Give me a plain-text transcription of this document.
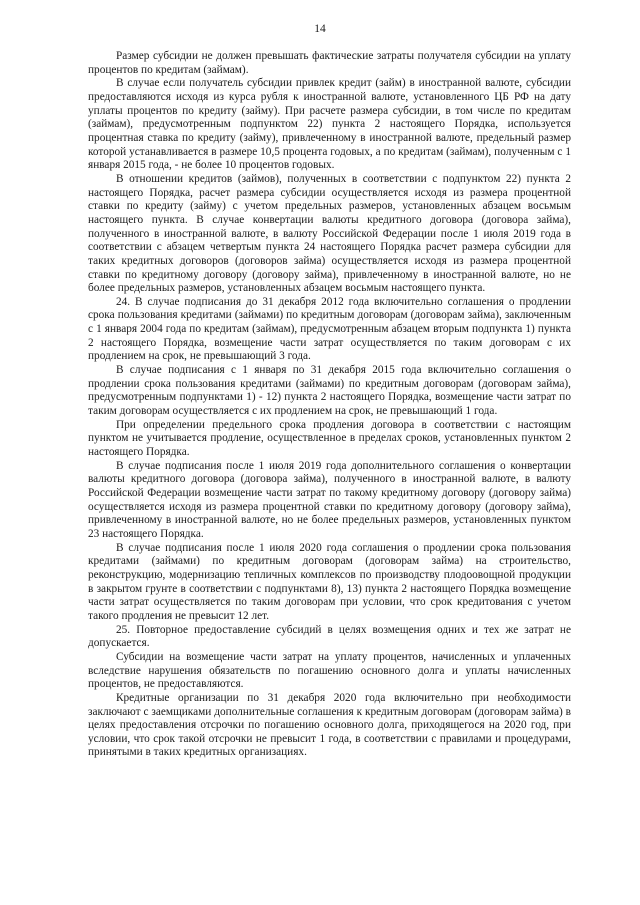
14

Размер субсидии не должен превышать фактические затраты получателя субсидии на уплату процентов по кредитам (займам).

В случае если получатель субсидии привлек кредит (займ) в иностранной валюте, субсидии предоставляются исходя из курса рубля к иностранной валюте, установленного ЦБ РФ на дату уплаты процентов по кредиту (займу). При расчете размера субсидии, в том числе по кредитам (займам), предусмотренным подпунктом 22) пункта 2 настоящего Порядка, используется процентная ставка по кредиту (займу), привлеченному в иностранной валюте, предельный размер которой устанавливается в размере 10,5 процента годовых, а по кредитам (займам), полученным с 1 января 2015 года, - не более 10 процентов годовых.

В отношении кредитов (займов), полученных в соответствии с подпунктом 22) пункта 2 настоящего Порядка, расчет размера субсидии осуществляется исходя из размера процентной ставки по кредиту (займу) с учетом предельных размеров, установленных абзацем восьмым настоящего пункта. В случае конвертации валюты кредитного договора (договора займа), полученного в иностранной валюте, в валюту Российской Федерации после 1 июля 2019 года в соответствии с абзацем четвертым пункта 24 настоящего Порядка расчет размера субсидии для таких кредитных договоров (договоров займа) осуществляется исходя из размера процентной ставки по кредитному договору (договору займа), привлеченному в иностранной валюте, но не более предельных размеров, установленных абзацем восьмым настоящего пункта.

24. В случае подписания до 31 декабря 2012 года включительно соглашения о продлении срока пользования кредитами (займами) по кредитным договорам (договорам займа), заключенным с 1 января 2004 года по кредитам (займам), предусмотренным абзацем вторым подпункта 1) пункта 2 настоящего Порядка, возмещение части затрат осуществляется по таким договорам с их продлением на срок, не превышающий 3 года.

В случае подписания с 1 января по 31 декабря 2015 года включительно соглашения о продлении срока пользования кредитами (займами) по кредитным договорам (договорам займа), предусмотренным подпунктами 1) - 12) пункта 2 настоящего Порядка, возмещение части затрат по таким договорам осуществляется с их продлением на срок, не превышающий 1 года.

При определении предельного срока продления договора в соответствии с настоящим пунктом не учитывается продление, осуществленное в пределах сроков, установленных пунктом 2 настоящего Порядка.

В случае подписания после 1 июля 2019 года дополнительного соглашения о конвертации валюты кредитного договора (договора займа), полученного в иностранной валюте, в валюту Российской Федерации возмещение части затрат по такому кредитному договору (договору займа) осуществляется исходя из размера процентной ставки по кредитному договору (договору займа), привлеченному в иностранной валюте, но не более предельных размеров, установленных пунктом 23 настоящего Порядка.

В случае подписания после 1 июля 2020 года соглашения о продлении срока пользования кредитами (займами) по кредитным договорам (договорам займа) на строительство, реконструкцию, модернизацию тепличных комплексов по производству плодоовощной продукции в закрытом грунте в соответствии с подпунктами 8), 13) пункта 2 настоящего Порядка возмещение части затрат осуществляется по таким договорам при условии, что срок кредитования с учетом такого продления не превысит 12 лет.

25. Повторное предоставление субсидий в целях возмещения одних и тех же затрат не допускается.

Субсидии на возмещение части затрат на уплату процентов, начисленных и уплаченных вследствие нарушения обязательств по погашению основного долга и уплаты начисленных процентов, не предоставляются.

Кредитные организации по 31 декабря 2020 года включительно при необходимости заключают с заемщиками дополнительные соглашения к кредитным договорам (договорам займа) в целях предоставления отсрочки по погашению основного долга, приходящегося на 2020 год, при условии, что срок такой отсрочки не превысит 1 года, в соответствии с правилами и процедурами, принятыми в таких кредитных организациях.
